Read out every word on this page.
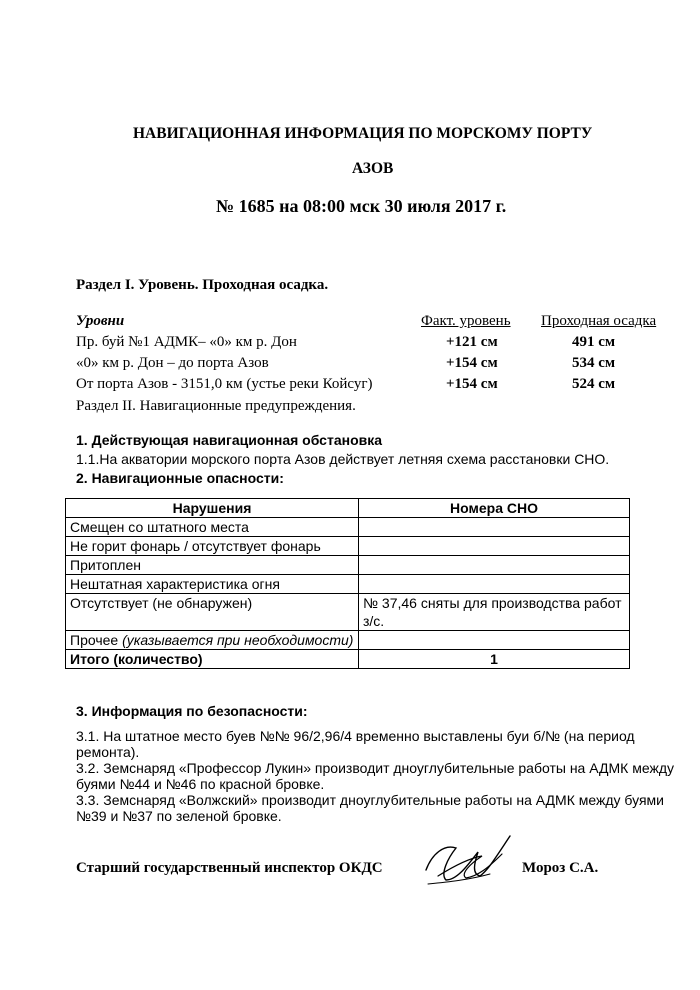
НАВИГАЦИОННАЯ ИНФОРМАЦИЯ ПО МОРСКОМУ ПОРТУ
АЗОВ
№ 1685 на 08:00 мск 30 июля 2017 г.
Раздел I. Уровень. Проходная осадка.
Уровни	Факт. уровень Проходная осадка
Пр. буй №1 АДМК– «0» км р. Дон	+121 см	491 см
«0» км р. Дон – до порта Азов	+154 см	534 см
От порта Азов - 3151,0 км (устье реки Койсуг)	+154 см	524 см
Раздел II. Навигационные предупреждения.
1. Действующая навигационная обстановка
1.1.На акватории морского порта Азов действует летняя схема расстановки СНО.
2. Навигационные опасности:
Нарушения	Номера СНО
Смещен со штатного места	
Не горит фонарь / отсутствует фонарь	
Притоплен	
Нештатная характеристика огня	
Отсутствует (не обнаружен)	№ 37,46 сняты для производства работ з/с.
Прочее (указывается при необходимости)	
Итого (количество)	1
3. Информация по безопасности:
3.1. На штатное место буев №№ 96/2,96/4 временно выставлены буи б/№ (на период ремонта).
3.2. Земснаряд «Профессор Лукин» производит дноуглубительные работы на АДМК между буями №44 и №46 по красной бровке.
3.3. Земснаряд «Волжский» производит дноуглубительные работы на АДМК между буями №39 и №37 по зеленой бровке.
Старший государственный инспектор ОКДС	Мороз С.А.
